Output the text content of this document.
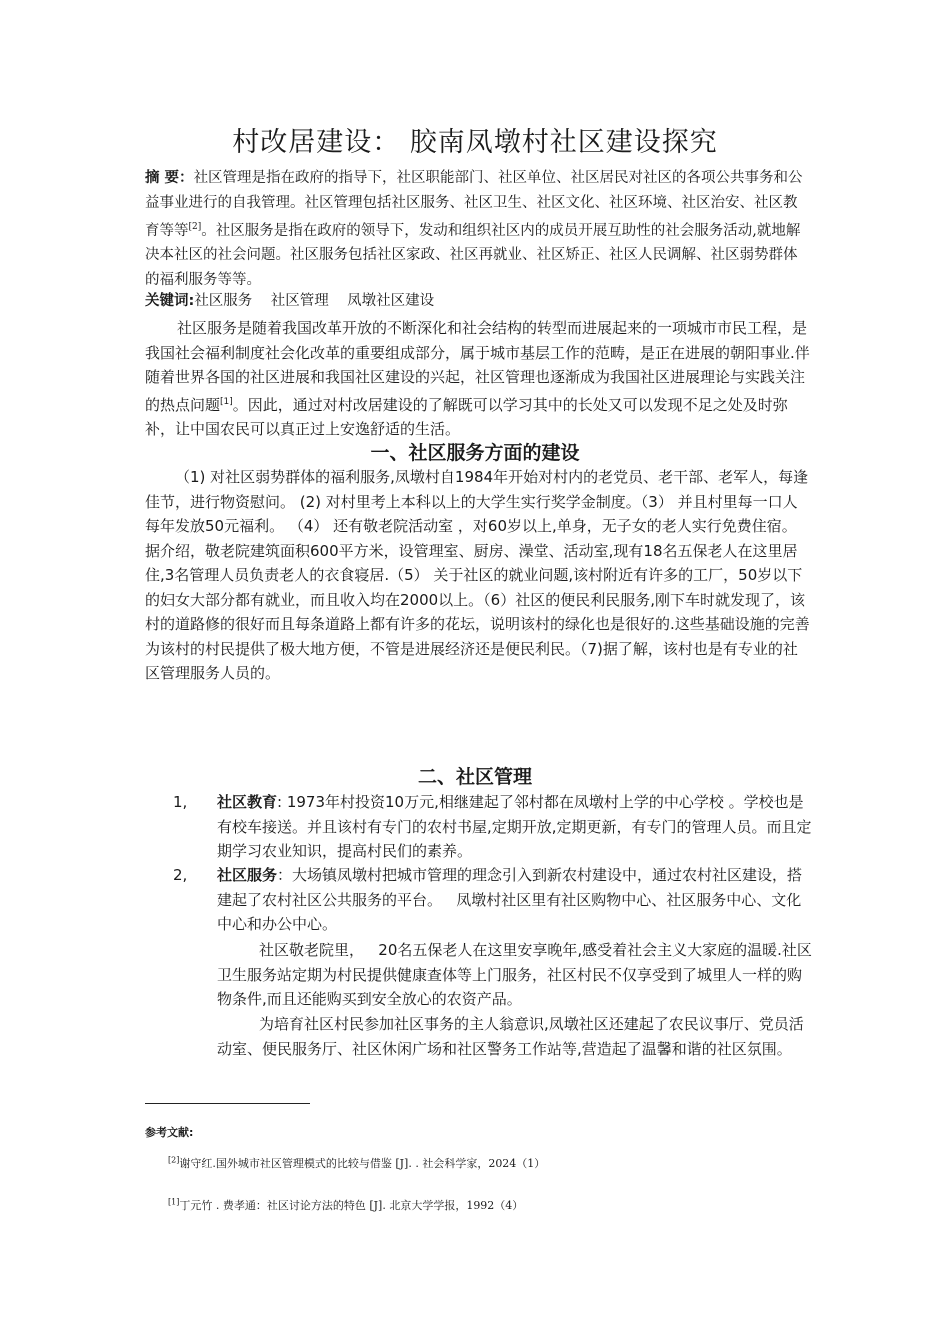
村改居建设： 胶南凤墩村社区建设探究
摘 要：社区管理是指在政府的指导下，社区职能部门、社区单位、社区居民对社区的各项公共事务和公益事业进行的自我管理。社区管理包括社区服务、社区卫生、社区文化、社区环境、社区治安、社区教育等等[2]。社区服务是指在政府的领导下，发动和组织社区内的成员开展互助性的社会服务活动,就地解决本社区的社会问题。社区服务包括社区家政、社区再就业、社区矫正、社区人民调解、社区弱势群体的福利服务等等。
关键词:社区服务    社区管理    凤墩社区建设
社区服务是随着我国改革开放的不断深化和社会结构的转型而进展起来的一项城市市民工程，是我国社会福利制度社会化改革的重要组成部分，属于城市基层工作的范畴，是正在进展的朝阳事业.伴随着世界各国的社区进展和我国社区建设的兴起，社区管理也逐渐成为我国社区进展理论与实践关注的热点问题[1]。因此，通过对村改居建设的了解既可以学习其中的长处又可以发现不足之处及时弥补，让中国农民可以真正过上安逸舒适的生活。
一、社区服务方面的建设
（1) 对社区弱势群体的福利服务,凤墩村自1984年开始对村内的老党员、老干部、老军人，每逢佳节，进行物资慰问。 (2) 对村里考上本科以上的大学生实行奖学金制度。（3） 并且村里每一口人每年发放50元福利。 （4） 还有敬老院活动室 ，对60岁以上,单身，无子女的老人实行免费住宿。据介绍，敬老院建筑面积600平方米，设管理室、厨房、澡堂、活动室,现有18名五保老人在这里居住,3名管理人员负责老人的衣食寝居.（5） 关于社区的就业问题,该村附近有许多的工厂，50岁以下的妇女大部分都有就业，而且收入均在2000以上。（6）社区的便民利民服务,刚下车时就发现了，该村的道路修的很好而且每条道路上都有许多的花坛，说明该村的绿化也是很好的.这些基础设施的完善为该村的村民提供了极大地方便，不管是进展经济还是便民利民。（7)据了解，该村也是有专业的社区管理服务人员的。
二、社区管理
1, 社区教育: 1973年村投资10万元,相继建起了邻村都在凤墩村上学的中心学校 。学校也是有校车接送。并且该村有专门的农村书屋,定期开放,定期更新，有专门的管理人员。而且定期学习农业知识，提高村民们的素养。
2, 社区服务：大场镇凤墩村把城市管理的理念引入到新农村建设中，通过农村社区建设，搭建起了农村社区公共服务的平台。   凤墩村社区里有社区购物中心、社区服务中心、文化中心和办公中心。
社区敬老院里，   20名五保老人在这里安享晚年,感受着社会主义大家庭的温暖.社区卫生服务站定期为村民提供健康查体等上门服务，社区村民不仅享受到了城里人一样的购物条件,而且还能购买到安全放心的农资产品。
为培育社区村民参加社区事务的主人翁意识,凤墩社区还建起了农民议事厅、党员活动室、便民服务厅、社区休闲广场和社区警务工作站等,营造起了温馨和谐的社区氛围。
参考文献:
[2]谢守红.国外城市社区管理模式的比较与借鉴 [J]. . 社会科学家，2024（1）
[1]丁元竹 . 费孝通：社区讨论方法的特色 [J]. 北京大学学报，1992（4）
